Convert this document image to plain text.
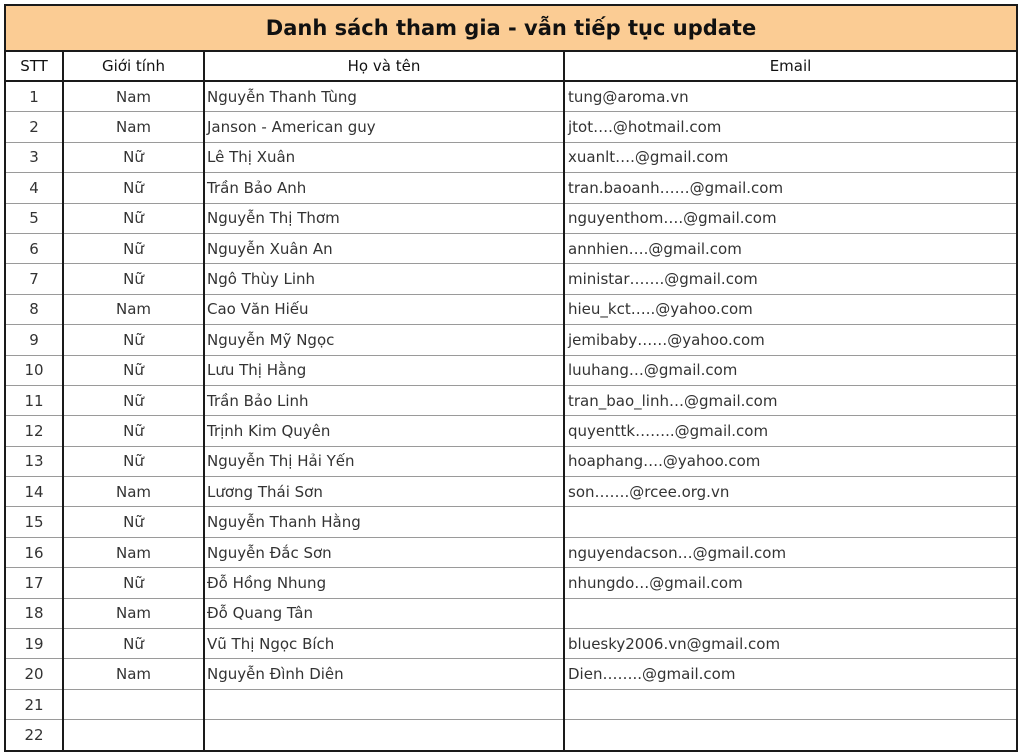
Danh sách tham gia - vẫn tiếp tục update
STT	Giới tính	Họ và tên	Email
1	Nam	Nguyễn Thanh Tùng	tung@aroma.vn
2	Nam	Janson - American guy	jtot….@hotmail.com
3	Nữ	Lê Thị Xuân	xuanlt….@gmail.com
4	Nữ	Trần Bảo Anh	tran.baoanh……@gmail.com
5	Nữ	Nguyễn Thị Thơm	nguyenthom….@gmail.com
6	Nữ	Nguyễn Xuân An	annhien….@gmail.com
7	Nữ	Ngô Thùy Linh	ministar…….@gmail.com
8	Nam	Cao Văn Hiếu	hieu_kct…..@yahoo.com
9	Nữ	Nguyễn Mỹ Ngọc	jemibaby……@yahoo.com
10	Nữ	Lưu Thị Hằng	luuhang…@gmail.com
11	Nữ	Trần Bảo Linh	tran_bao_linh…@gmail.com
12	Nữ	Trịnh Kim Quyên	quyenttk……..@gmail.com
13	Nữ	Nguyễn Thị Hải Yến	hoaphang….@yahoo.com
14	Nam	Lương Thái Sơn	son…….@rcee.org.vn
15	Nữ	Nguyễn Thanh Hằng	
16	Nam	Nguyễn Đắc Sơn	nguyendacson…@gmail.com
17	Nữ	Đỗ Hồng Nhung	nhungdo…@gmail.com
18	Nam	Đỗ Quang Tân	
19	Nữ	Vũ Thị Ngọc Bích	bluesky2006.vn@gmail.com
20	Nam	Nguyễn Đình Diên	Dien……..@gmail.com
21			
22			
